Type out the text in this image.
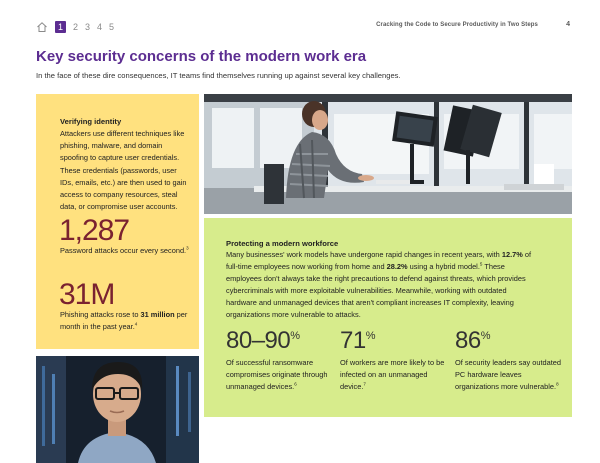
1	2 3 4 5	Cracking the Code to Secure Productivity in Two Steps	4
Key security concerns of the modern work era
In the face of these dire consequences, IT teams find themselves running up against several key challenges.
Verifying identity
Attackers use different techniques like phishing, malware, and domain spoofing to capture user credentials. These credentials (passwords, user IDs, emails, etc.) are then used to gain access to company resources, steal data, or compromise user accounts.
1,287
Password attacks occur every second.$^3$
31M
Phishing attacks rose to 31 million per month in the past year.$^4$
Protecting a modern workforce
Many businesses' work models have undergone rapid changes in recent years, with 12.7% of full-time employees now working from home and 28.2% using a hybrid model.$^5$ These employees don't always take the right precautions to defend against threats, which provides cybercriminals with more exploitable vulnerabilities. Meanwhile, working with outdated hardware and unmanaged devices that aren't compliant increases IT complexity, leaving organizations more vulnerable to attacks.
80–90%
Of successful ransomware compromises originate through unmanaged devices.$^6$
71%
Of workers are more likely to be infected on an unmanaged device.$^7$
86%
Of security leaders say outdated PC hardware leaves organizations more vulnerable.$^8$
